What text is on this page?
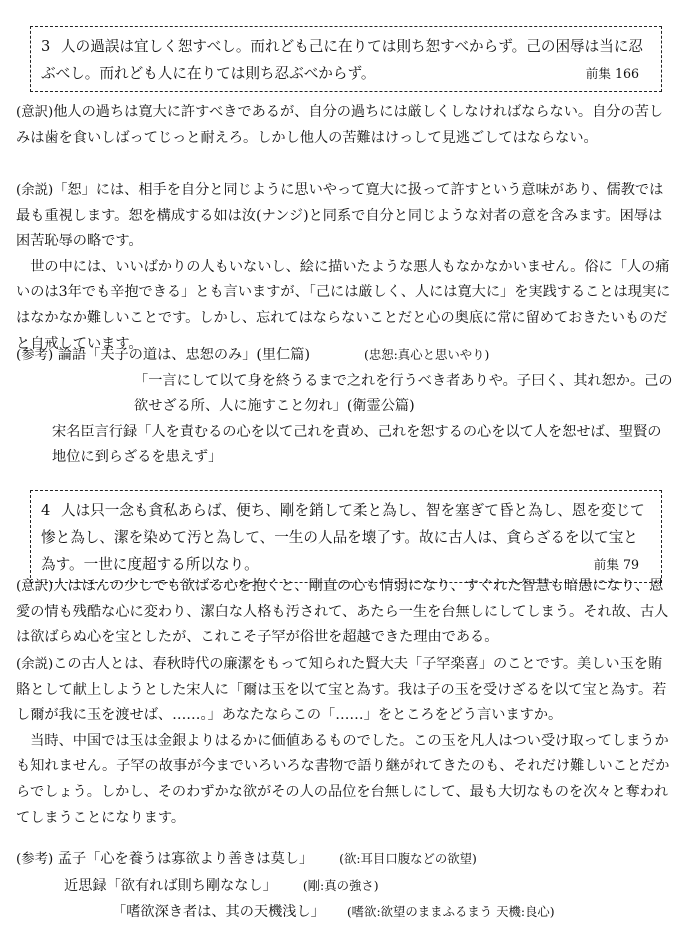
3 人の過誤は宜しく恕すべし。而れども己に在りては則ち恕すべからず。己の困辱は当に忍ぶべし。而れども人に在りては則ち忍ぶべからず。	前集 166

(意訳)他人の過ちは寛大に許すべきであるが、自分の過ちには厳しくしなければならない。自分の苦しみは歯を食いしばってじっと耐えろ。しかし他人の苦難はけっして見逃ごしてはならない。

(余説)「恕」には、相手を自分と同じように思いやって寛大に扱って許すという意味があり、儒教では最も重視します。恕を構成する如は汝(ナンジ)と同系で自分と同じような対者の意を含みます。困辱は困苦恥辱の略です。

世の中には、いいばかりの人もいないし、絵に描いたような悪人もなかなかいません。俗に「人の痛いのは3年でも辛抱できる」とも言いますが、「己には厳しく、人には寛大に」を実践することは現実にはなかなか難しいことです。しかし、忘れてはならないことだと心の奥底に常に留めておきたいものだと自戒しています。

(参考) 論語「夫子の道は、忠恕のみ」(里仁篇)	(忠恕:真心と思いやり)

「一言にして以て身を終うるまで之れを行うべき者ありや。子曰く、其れ恕か。己の欲せざる所、人に施すこと勿れ」(衛霊公篇)

宋名臣言行録「人を責むるの心を以て己れを責め、己れを恕するの心を以て人を恕せば、聖賢の地位に到らざるを患えず」

4 人は只一念も貪私あらば、便ち、剛を銷して柔と為し、智を塞ぎて昏と為し、恩を変じて惨と為し、潔を染めて汚と為して、一生の人品を壊了す。故に古人は、貪らざるを以て宝と為す。一世に度超する所以なり。	前集 79

(意訳)人はほんの少しでも欲ばる心を抱くと、剛直の心も情弱になり、すぐれた智慧も暗愚になり、恩愛の情も残酷な心に変わり、潔白な人格も汚されて、あたら一生を台無しにしてしまう。それ故、古人は欲ばらぬ心を宝としたが、これこそ子罕が俗世を超越できた理由である。

(余説)この古人とは、春秋時代の廉潔をもって知られた賢大夫「子罕楽喜」のことです。美しい玉を賄賂として献上しようとした宋人に「爾は玉を以て宝と為す。我は子の玉を受けざるを以て宝と為す。若し爾が我に玉を渡せば、……。」あなたならこの「……」をところをどう言いますか。

当時、中国では玉は金銀よりはるかに価値あるものでした。この玉を凡人はつい受け取ってしまうかも知れません。子罕の故事が今までいろいろな書物で語り継がれてきたのも、それだけ難しいことだからでしょう。しかし、そのわずかな欲がその人の品位を台無しにして、最も大切なものを次々と奪われてしまうことになります。

(参考) 孟子「心を養うは寡欲より善きは莫し」 (欲:耳目口腹などの欲望)

近思録「欲有れば則ち剛ななし」 (剛:真の強さ)

「嗜欲深き者は、其の天機浅し」 (嗜欲:欲望のままふるまう 天機:良心)
